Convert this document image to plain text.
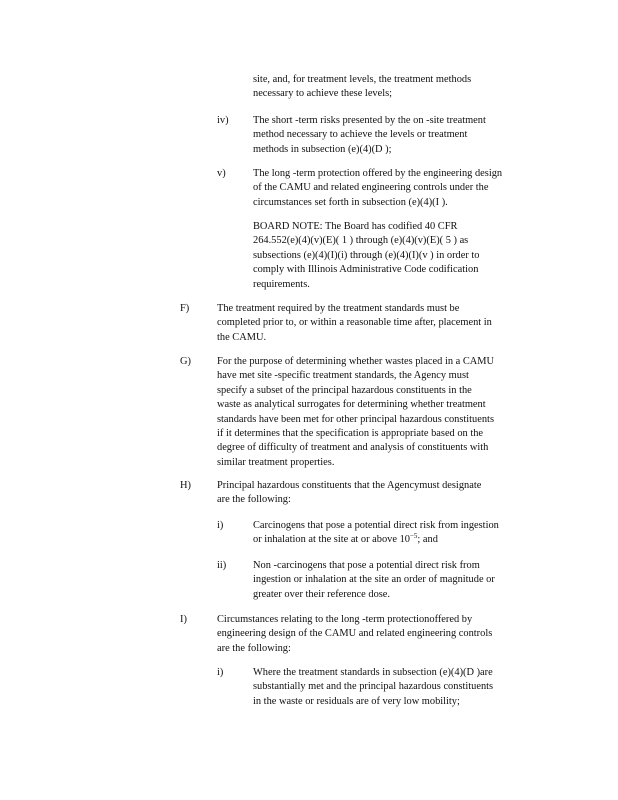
site, and, for treatment levels, the treatment methods
necessary to achieve these levels;
iv) The short -term risks presented by the on -site treatment
method necessary to achieve the levels or treatment
methods in subsection (e)(4)(D );
v)	The long -term protection offered by the engineering design
of the CAMU and related engineering controls under the
circumstances set forth in subsection (e)(4)(I ).
BOARD NOTE: The Board has codified 40 CFR
264.552(e)(4)(v)(E)( 1 ) through (e)(4)(v)(E)( 5 ) as
subsections (e)(4)(I)(i) through (e)(4)(I)(v ) in order to
comply with Illinois Administrative Code codification
requirements.
F)	The treatment required by the treatment standards must be
completed prior to, or within a reasonable time after, placement in
the CAMU.
G)	For the purpose of determining whether wastes placed in a CAMU
have met site -specific treatment standards, the Agency must
specify a subset of the principal hazardous constituents in the
waste as analytical surrogates for determining whether treatment
standards have been met for other principal hazardous constituents
if it determines that the specification is appropriate based on the
degree of difficulty of treatment and analysis of constituents with
similar treatment properties.
H)	Principal hazardous constituents that the Agencymust designate
are the following:
i)	Carcinogens that pose a potential direct risk from ingestion
or inhalation at the site at or above $10^{-5}$; and
ii)	Non -carcinogens that pose a potential direct risk from
ingestion or inhalation at the site an order of magnitude or
greater over their reference dose.
I)	Circumstances relating to the long -term protectionoffered by
engineering design of the CAMU and related engineering controls
are the following:
i)	Where the treatment standards in subsection (e)(4)(D )are
substantially met and the principal hazardous constituents
in the waste or residuals are of very low mobility;
